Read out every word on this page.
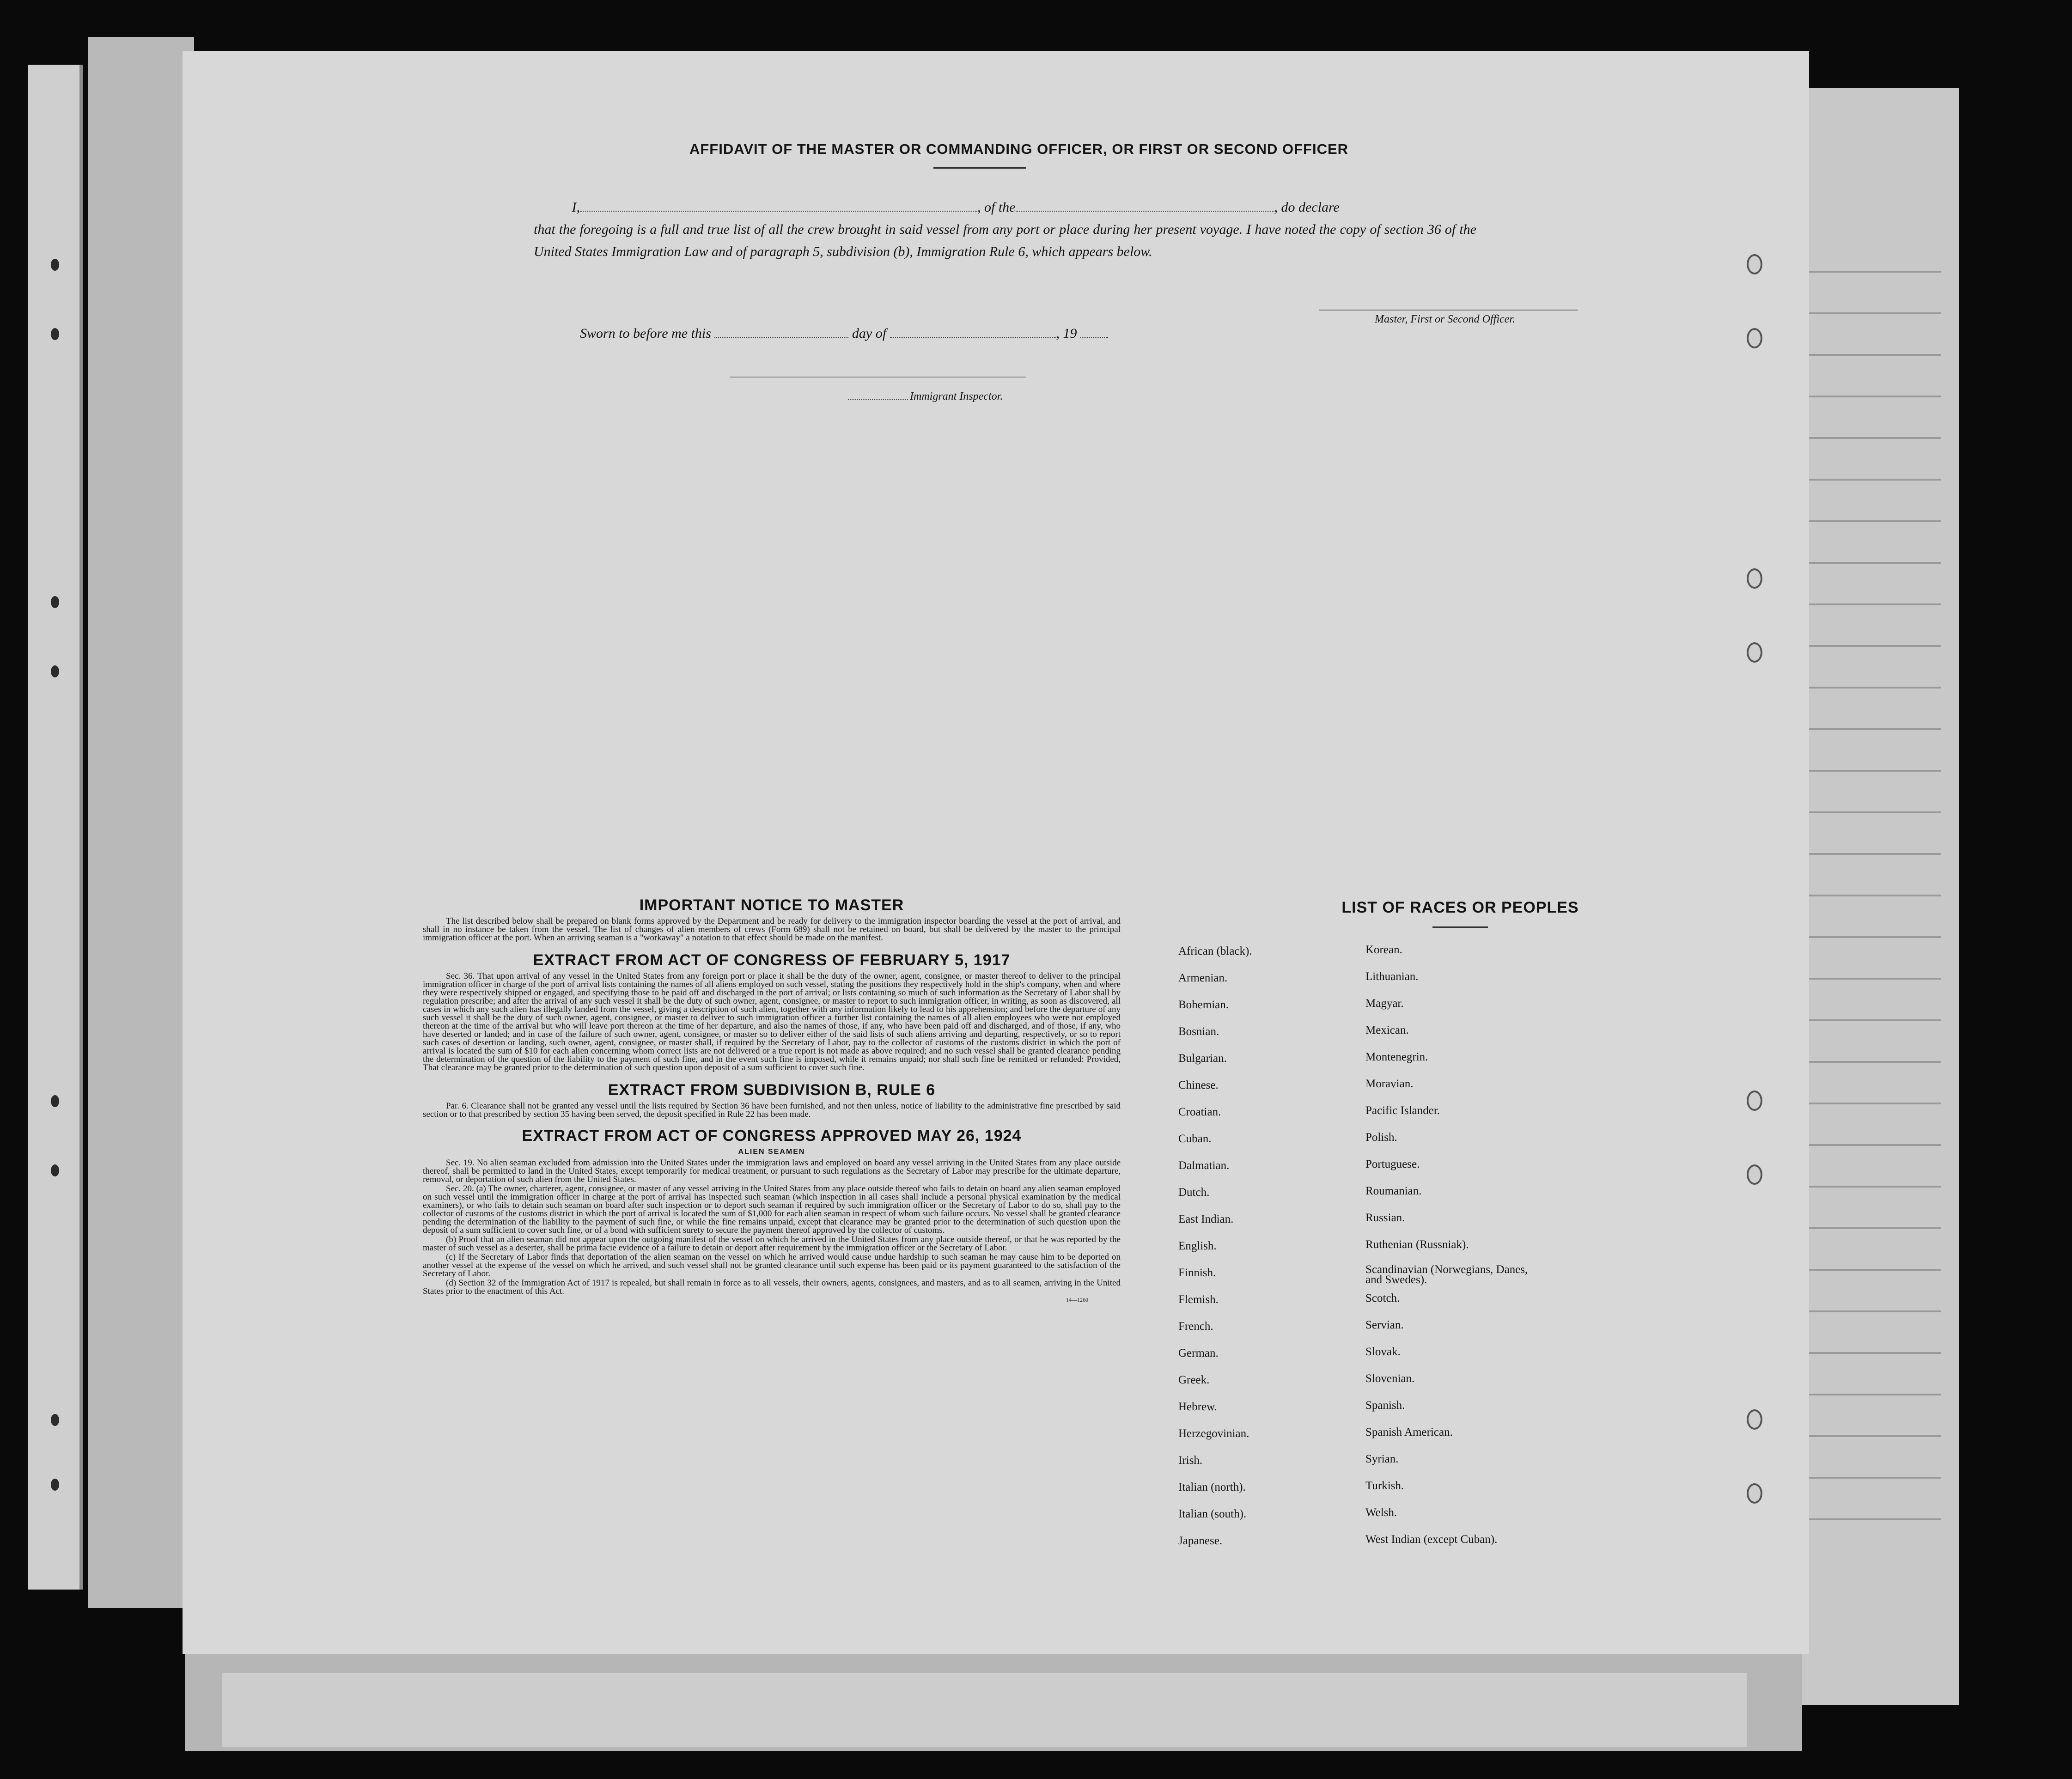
AFFIDAVIT OF THE MASTER OR COMMANDING OFFICER, OR FIRST OR SECOND OFFICER
I,	, of the	, do declare
that the foregoing is a full and true list of all the crew brought in said vessel from any port or place during her present voyage. I have noted the copy of section 36 of the United States Immigration Law and of paragraph 5, subdivision (b), Immigration Rule 6, which appears below.
Master, First or Second Officer.
Sworn to before me this	day of	, 19
Immigrant Inspector.
IMPORTANT NOTICE TO MASTER

The list described below shall be prepared on blank forms approved by the Department and be ready for delivery to the immigration inspector boarding the vessel at the port of arrival, and shall in no instance be taken from the vessel. The list of changes of alien members of crews (Form 689) shall not be retained on board, but shall be delivered by the master to the principal immigration officer at the port. When an arriving seaman is a "workaway" a notation to that effect should be made on the manifest.

EXTRACT FROM ACT OF CONGRESS OF FEBRUARY 5, 1917

Sec. 36. That upon arrival of any vessel in the United States from any foreign port or place it shall be the duty of the owner, agent, consignee, or master thereof to deliver to the principal immigration officer in charge of the port of arrival lists containing the names of all aliens employed on such vessel, stating the positions they respectively hold in the ship's company, when and where they were respectively shipped or engaged, and specifying those to be paid off and discharged in the port of arrival; or lists containing so much of such information as the Secretary of Labor shall by regulation prescribe; and after the arrival of any such vessel it shall be the duty of such owner, agent, consignee, or master to report to such immigration officer, in writing, as soon as discovered, all cases in which any such alien has illegally landed from the vessel, giving a description of such alien, together with any information likely to lead to his apprehension; and before the departure of any such vessel it shall be the duty of such owner, agent, consignee, or master to deliver to such immigration officer a further list containing the names of all alien employees who were not employed thereon at the time of the arrival but who will leave port thereon at the time of her departure, and also the names of those, if any, who have been paid off and discharged, and of those, if any, who have deserted or landed; and in case of the failure of such owner, agent, consignee, or master so to deliver either of the said lists of such aliens arriving and departing, respectively, or so to report such cases of desertion or landing, such owner, agent, consignee, or master shall, if required by the Secretary of Labor, pay to the collector of customs of the customs district in which the port of arrival is located the sum of $10 for each alien concerning whom correct lists are not delivered or a true report is not made as above required; and no such vessel shall be granted clearance pending the determination of the question of the liability to the payment of such fine, and in the event such fine is imposed, while it remains unpaid; nor shall such fine be remitted or refunded: Provided, That clearance may be granted prior to the determination of such question upon deposit of a sum sufficient to cover such fine.

EXTRACT FROM SUBDIVISION B, RULE 6

Par. 6. Clearance shall not be granted any vessel until the lists required by Section 36 have been furnished, and not then unless, notice of liability to the administrative fine prescribed by said section or to that prescribed by section 35 having been served, the deposit specified in Rule 22 has been made.

EXTRACT FROM ACT OF CONGRESS APPROVED MAY 26, 1924
ALIEN SEAMEN

Sec. 19. No alien seaman excluded from admission into the United States under the immigration laws and employed on board any vessel arriving in the United States from any place outside thereof, shall be permitted to land in the United States, except temporarily for medical treatment, or pursuant to such regulations as the Secretary of Labor may prescribe for the ultimate departure, removal, or deportation of such alien from the United States.

Sec. 20. (a) The owner, charterer, agent, consignee, or master of any vessel arriving in the United States from any place outside thereof who fails to detain on board any alien seaman employed on such vessel until the immigration officer in charge at the port of arrival has inspected such seaman (which inspection in all cases shall include a personal physical examination by the medical examiners), or who fails to detain such seaman on board after such inspection or to deport such seaman if required by such immigration officer or the Secretary of Labor to do so, shall pay to the collector of customs of the customs district in which the port of arrival is located the sum of $1,000 for each alien seaman in respect of whom such failure occurs. No vessel shall be granted clearance pending the determination of the liability to the payment of such fine, or while the fine remains unpaid, except that clearance may be granted prior to the determination of such question upon the deposit of a sum sufficient to cover such fine, or of a bond with sufficient surety to secure the payment thereof approved by the collector of customs.

(b) Proof that an alien seaman did not appear upon the outgoing manifest of the vessel on which he arrived in the United States from any place outside thereof, or that he was reported by the master of such vessel as a deserter, shall be prima facie evidence of a failure to detain or deport after requirement by the immigration officer or the Secretary of Labor.

(c) If the Secretary of Labor finds that deportation of the alien seaman on the vessel on which he arrived would cause undue hardship to such seaman he may cause him to be deported on another vessel at the expense of the vessel on which he arrived, and such vessel shall not be granted clearance until such expense has been paid or its payment guaranteed to the satisfaction of the Secretary of Labor.

(d) Section 32 of the Immigration Act of 1917 is repealed, but shall remain in force as to all vessels, their owners, agents, consignees, and masters, and as to all seamen, arriving in the United States prior to the enactment of this Act.

14—1260
LIST OF RACES OR PEOPLES
African (black).	Korean.
Armenian.	Lithuanian.
Bohemian.	Magyar.
Bosnian.	Mexican.
Bulgarian.	Montenegrin.
Chinese.	Moravian.
Croatian.	Pacific Islander.
Cuban.	Polish.
Dalmatian.	Portuguese.
Dutch.	Roumanian.
East Indian.	Russian.
English.	Ruthenian (Russniak).
Finnish.	Scandinavian (Norwegians, Danes, and Swedes).
Flemish.	Scotch.
French.	Servian.
German.	Slovak.
Greek.	Slovenian.
Hebrew.	Spanish.
Herzegovinian.	Spanish American.
Irish.	Syrian.
Italian (north).	Turkish.
Italian (south).	Welsh.
Japanese.	West Indian (except Cuban).
